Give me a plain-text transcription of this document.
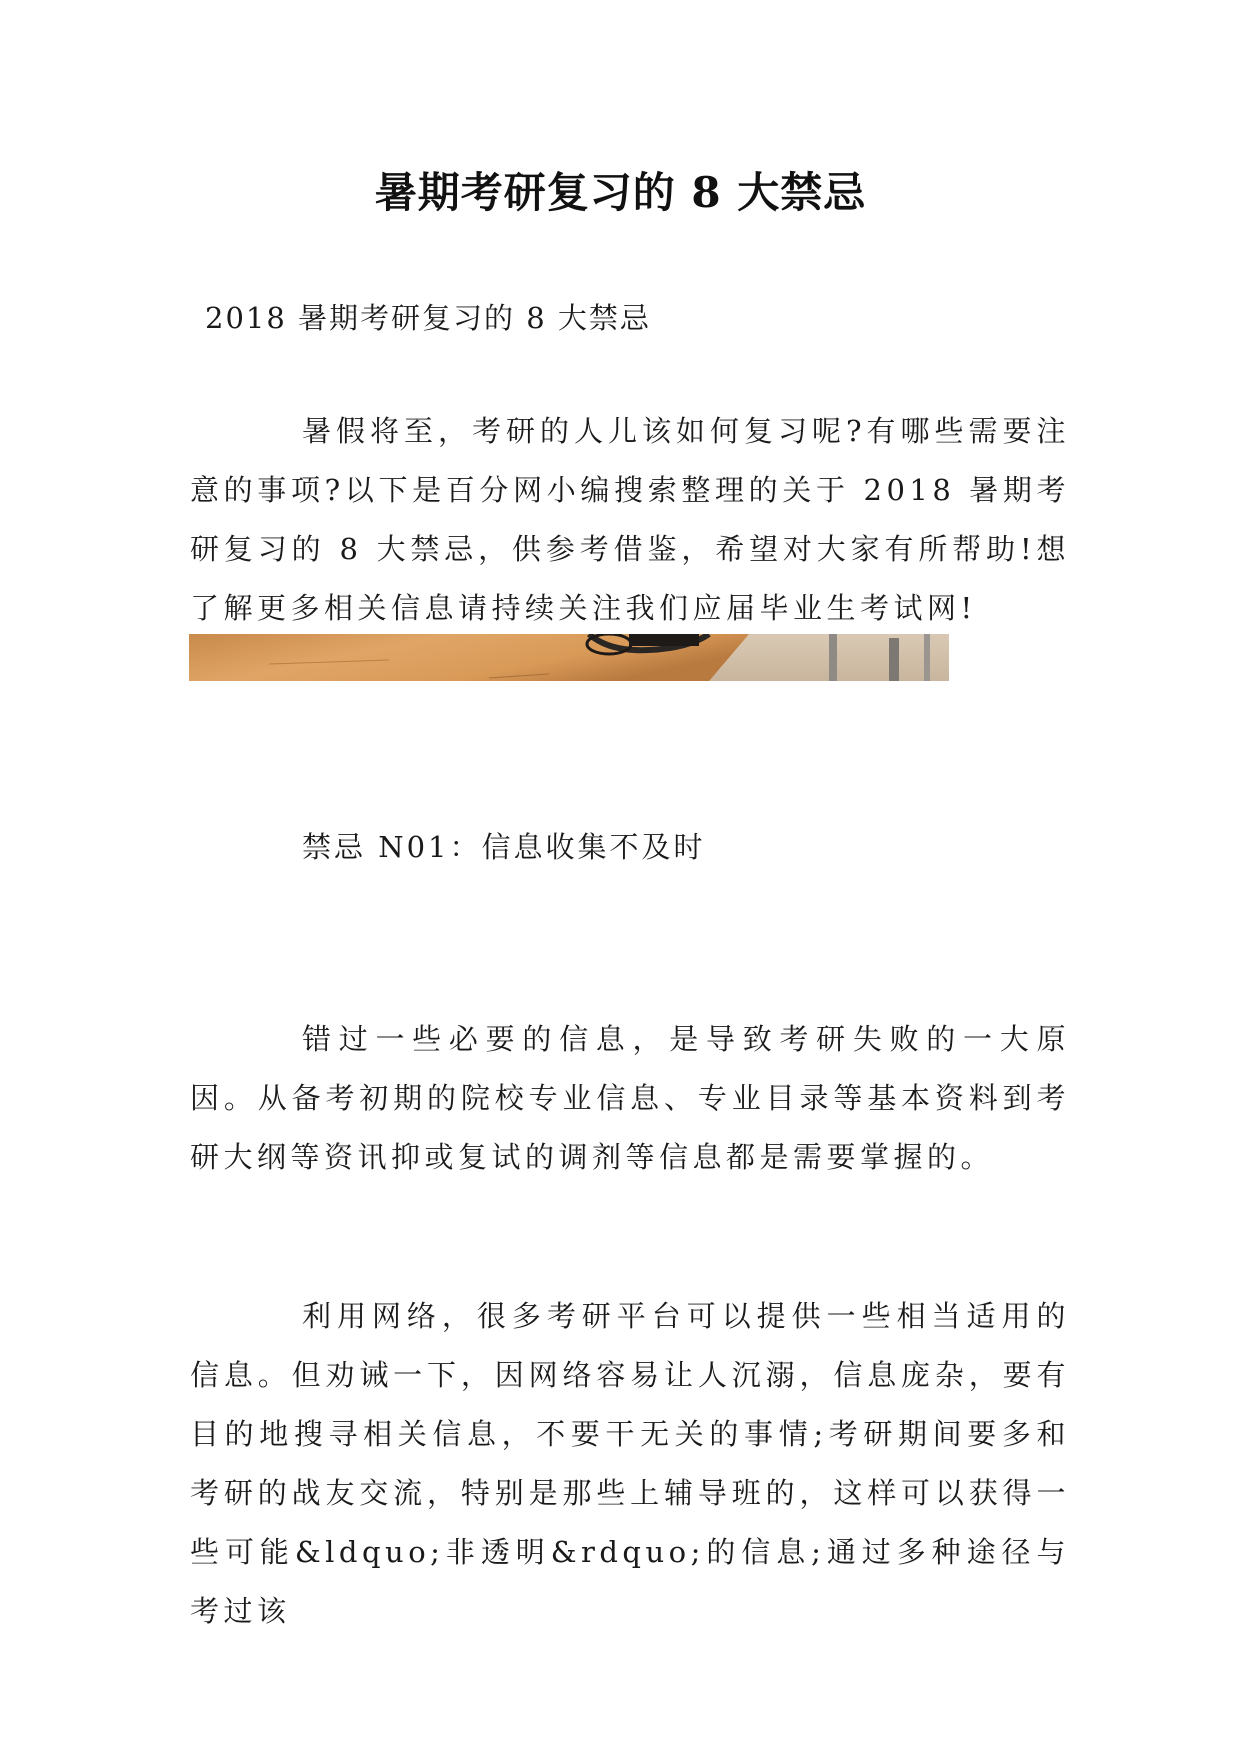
暑期考研复习的 8 大禁忌
2018 暑期考研复习的 8 大禁忌

暑假将至，考研的人儿该如何复习呢?有哪些需要注意的事项?以下是百分网小编搜索整理的关于 2018 暑期考研复习的 8 大禁忌，供参考借鉴，希望对大家有所帮助!想了解更多相关信息请持续关注我们应届毕业生考试网!

禁忌 N01：信息收集不及时

错过一些必要的信息，是导致考研失败的一大原因。从备考初期的院校专业信息、专业目录等基本资料到考研大纲等资讯抑或复试的调剂等信息都是需要掌握的。

利用网络，很多考研平台可以提供一些相当适用的信息。但劝诫一下，因网络容易让人沉溺，信息庞杂，要有目的地搜寻相关信息，不要干无关的事情;考研期间要多和考研的战友交流，特别是那些上辅导班的，这样可以获得一些可能&ldquo;非透明&rdquo;的信息;通过多种途径与考过该
